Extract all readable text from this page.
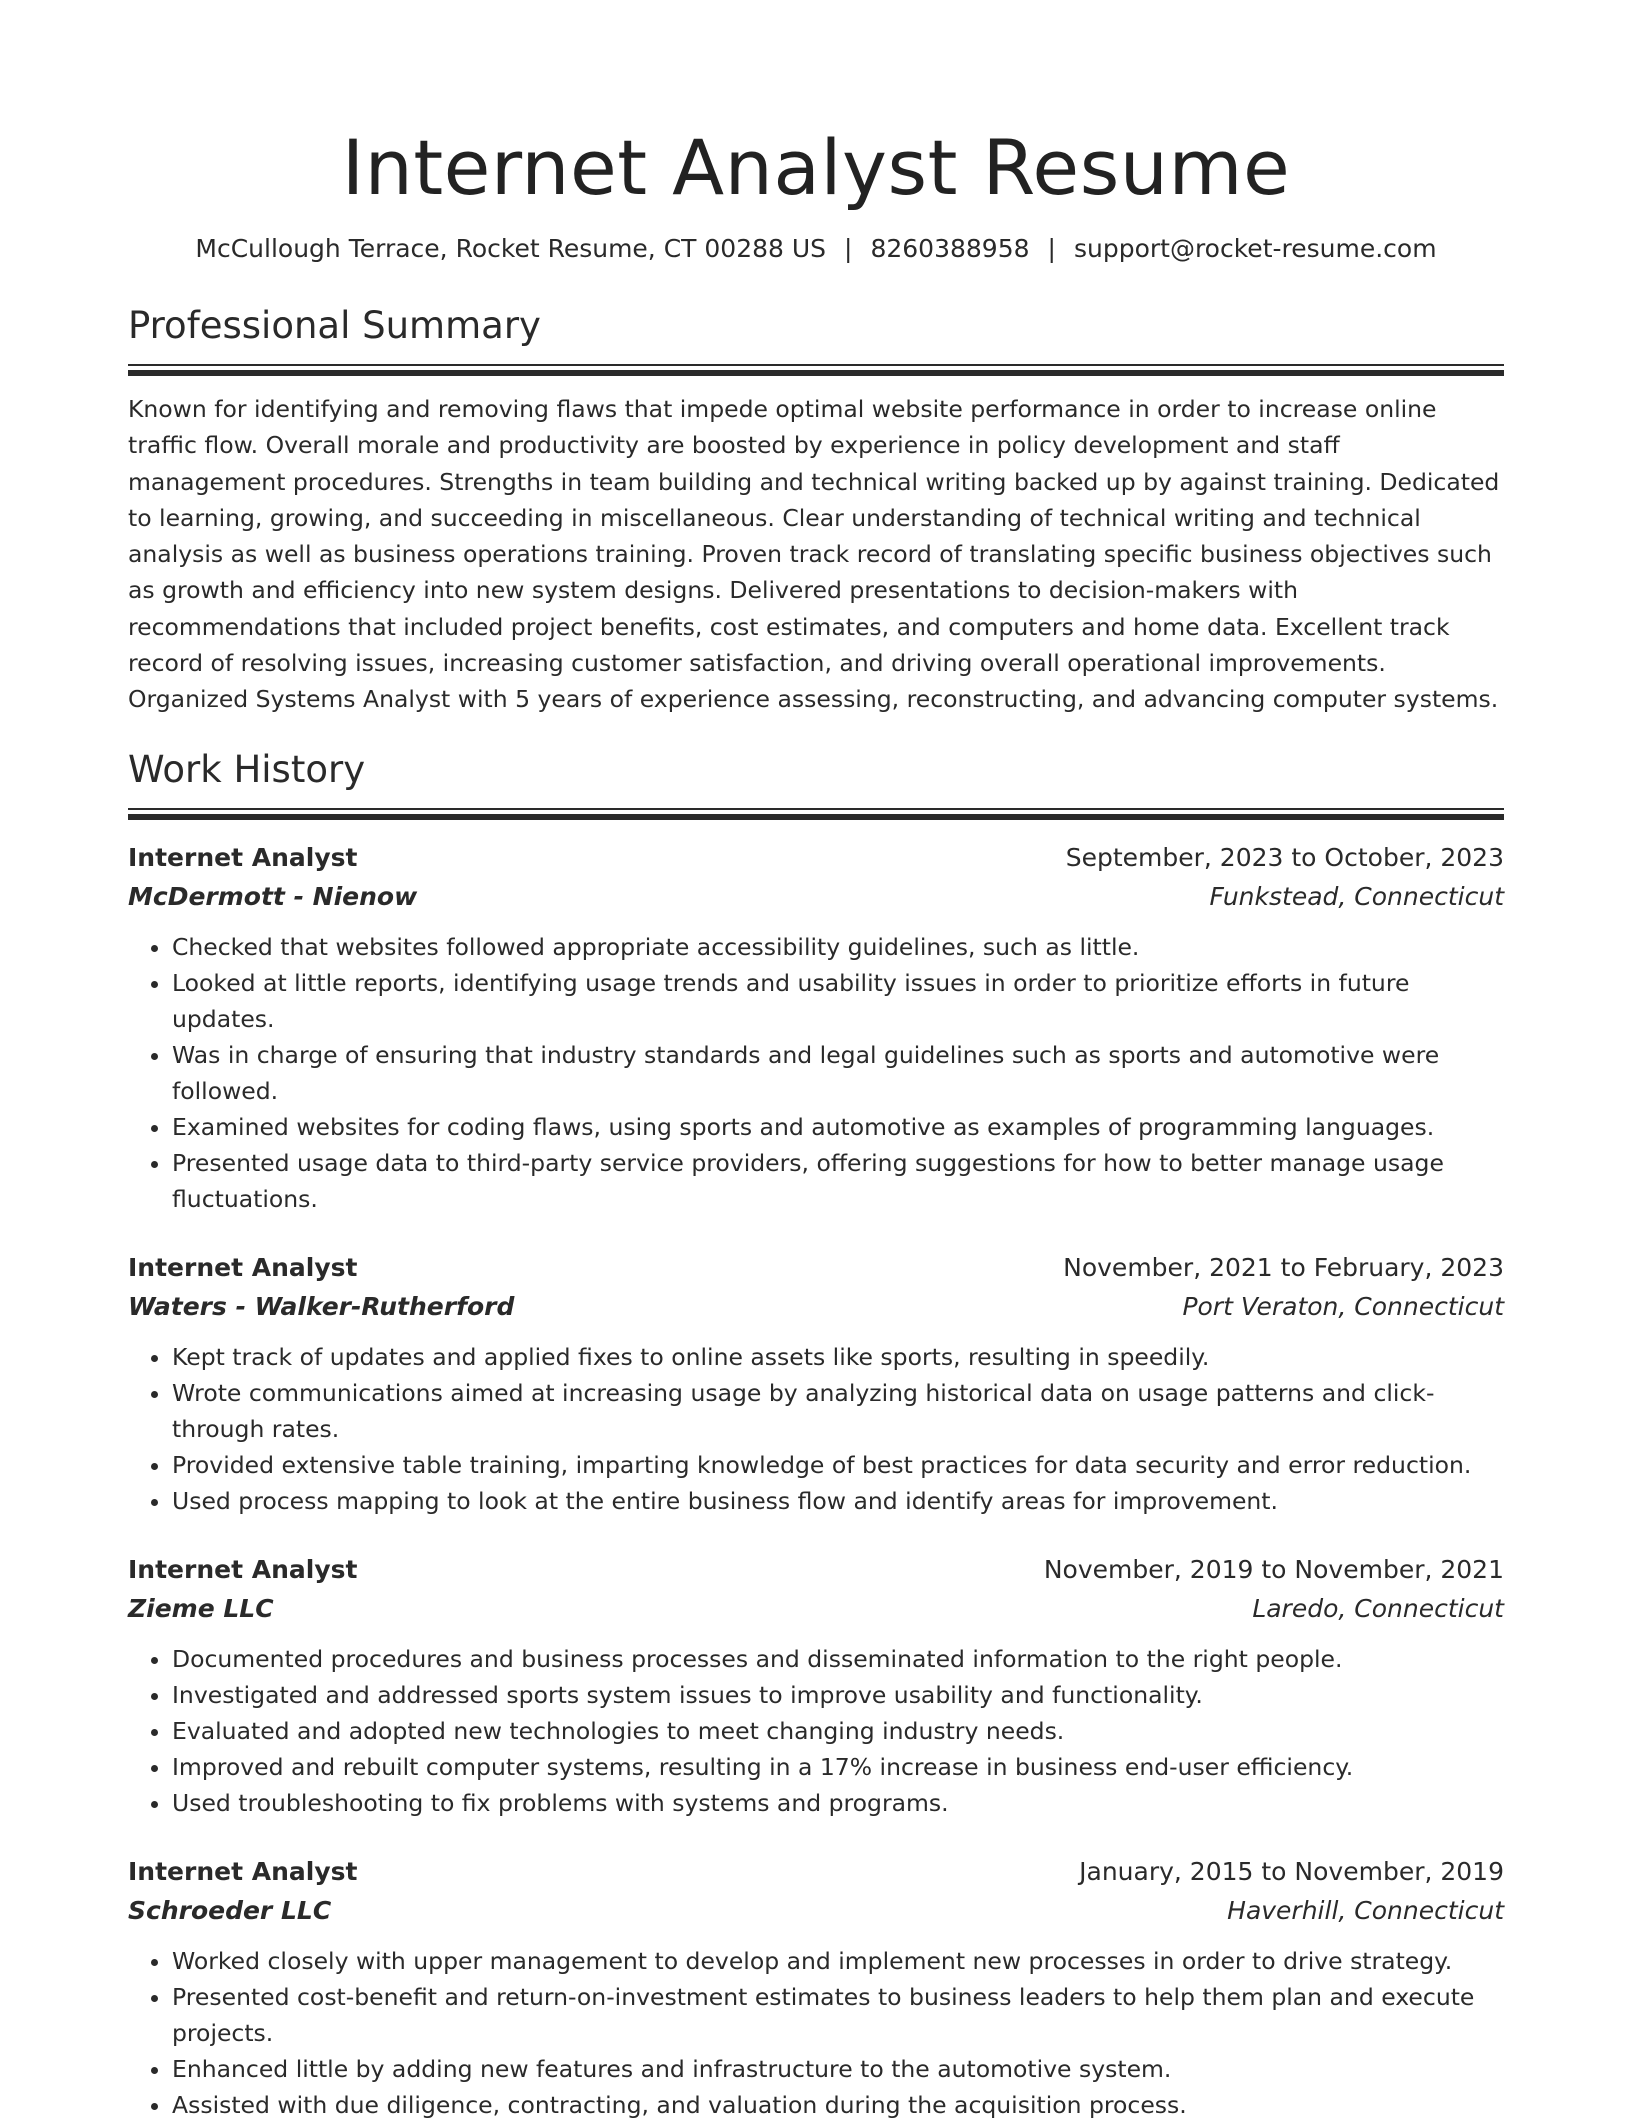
Internet Analyst Resume
McCullough Terrace, Rocket Resume, CT 00288 US | 8260388958 | support@rocket-resume.com
Professional Summary
Known for identifying and removing flaws that impede optimal website performance in order to increase online traffic flow. Overall morale and productivity are boosted by experience in policy development and staff management procedures. Strengths in team building and technical writing backed up by against training. Dedicated to learning, growing, and succeeding in miscellaneous. Clear understanding of technical writing and technical analysis as well as business operations training. Proven track record of translating specific business objectives such as growth and efficiency into new system designs. Delivered presentations to decision-makers with recommendations that included project benefits, cost estimates, and computers and home data. Excellent track record of resolving issues, increasing customer satisfaction, and driving overall operational improvements. Organized Systems Analyst with 5 years of experience assessing, reconstructing, and advancing computer systems.
Work History
Internet Analyst	September, 2023 to October, 2023
McDermott - Nienow	Funkstead, Connecticut
• Checked that websites followed appropriate accessibility guidelines, such as little.
• Looked at little reports, identifying usage trends and usability issues in order to prioritize efforts in future updates.
• Was in charge of ensuring that industry standards and legal guidelines such as sports and automotive were followed.
• Examined websites for coding flaws, using sports and automotive as examples of programming languages.
• Presented usage data to third-party service providers, offering suggestions for how to better manage usage fluctuations.
Internet Analyst	November, 2021 to February, 2023
Waters - Walker-Rutherford	Port Veraton, Connecticut
• Kept track of updates and applied fixes to online assets like sports, resulting in speedily.
• Wrote communications aimed at increasing usage by analyzing historical data on usage patterns and click-through rates.
• Provided extensive table training, imparting knowledge of best practices for data security and error reduction.
• Used process mapping to look at the entire business flow and identify areas for improvement.
Internet Analyst	November, 2019 to November, 2021
Zieme LLC	Laredo, Connecticut
• Documented procedures and business processes and disseminated information to the right people.
• Investigated and addressed sports system issues to improve usability and functionality.
• Evaluated and adopted new technologies to meet changing industry needs.
• Improved and rebuilt computer systems, resulting in a 17% increase in business end-user efficiency.
• Used troubleshooting to fix problems with systems and programs.
Internet Analyst	January, 2015 to November, 2019
Schroeder LLC	Haverhill, Connecticut
• Worked closely with upper management to develop and implement new processes in order to drive strategy.
• Presented cost-benefit and return-on-investment estimates to business leaders to help them plan and execute projects.
• Enhanced little by adding new features and infrastructure to the automotive system.
• Assisted with due diligence, contracting, and valuation during the acquisition process.
